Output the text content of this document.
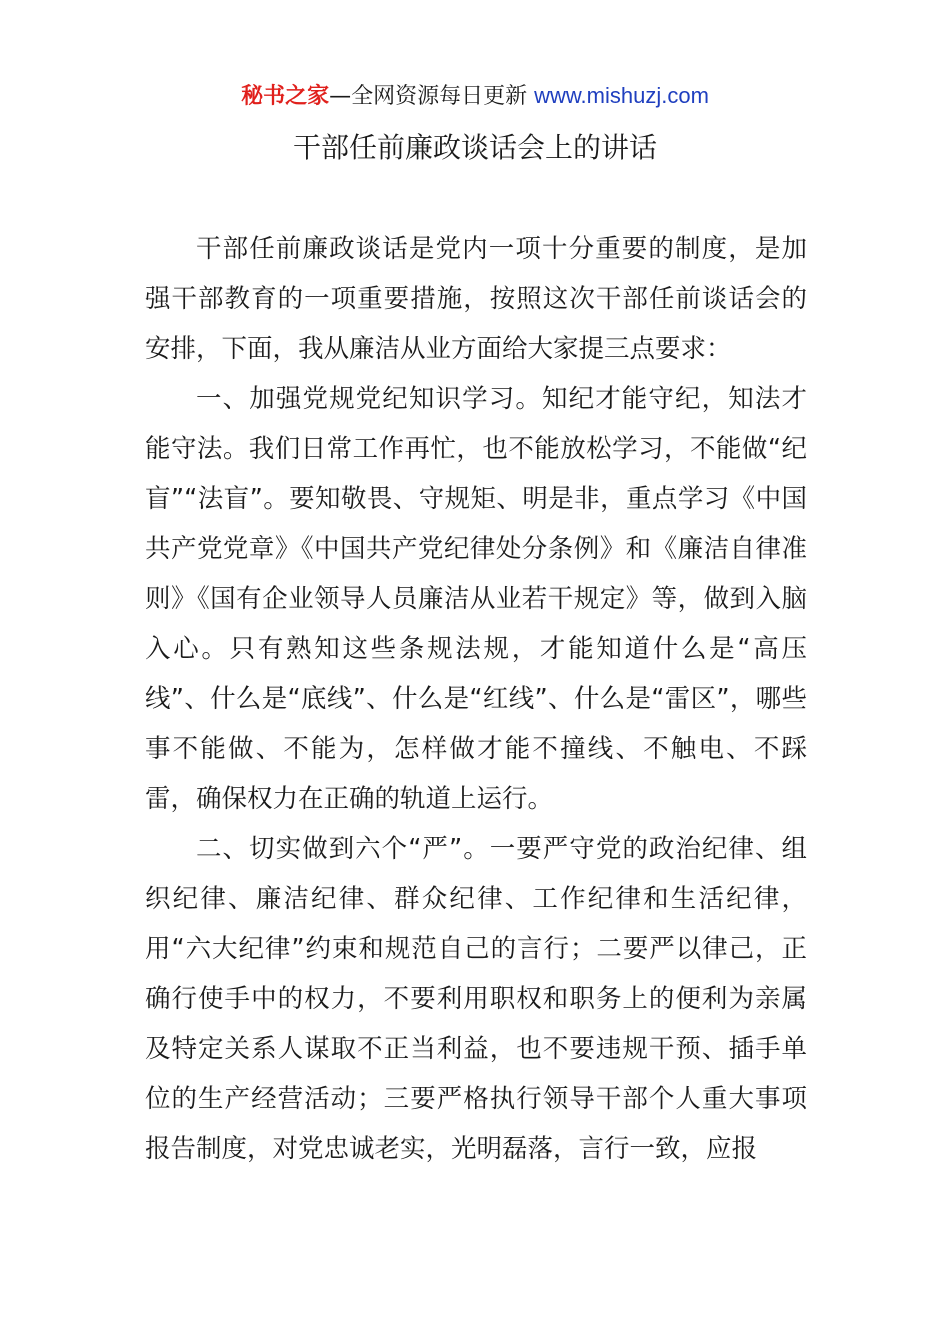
秘书之家—全网资源每日更新 www.mishuzj.com
干部任前廉政谈话会上的讲话

干部任前廉政谈话是党内一项十分重要的制度，是加强干部教育的一项重要措施，按照这次干部任前谈话会的安排，下面，我从廉洁从业方面给大家提三点要求：

一、加强党规党纪知识学习。知纪才能守纪，知法才能守法。我们日常工作再忙，也不能放松学习，不能做“纪盲”“法盲”。要知敬畏、守规矩、明是非，重点学习《中国共产党党章》《中国共产党纪律处分条例》和《廉洁自律准则》《国有企业领导人员廉洁从业若干规定》等，做到入脑入心。只有熟知这些条规法规，才能知道什么是“高压线”、什么是“底线”、什么是“红线”、什么是“雷区”，哪些事不能做、不能为，怎样做才能不撞线、不触电、不踩雷，确保权力在正确的轨道上运行。

二、切实做到六个“严”。一要严守党的政治纪律、组织纪律、廉洁纪律、群众纪律、工作纪律和生活纪律，用“六大纪律”约束和规范自己的言行；二要严以律己，正确行使手中的权力，不要利用职权和职务上的便利为亲属及特定关系人谋取不正当利益，也不要违规干预、插手单位的生产经营活动；三要严格执行领导干部个人重大事项报告制度，对党忠诚老实，光明磊落，言行一致，应报
